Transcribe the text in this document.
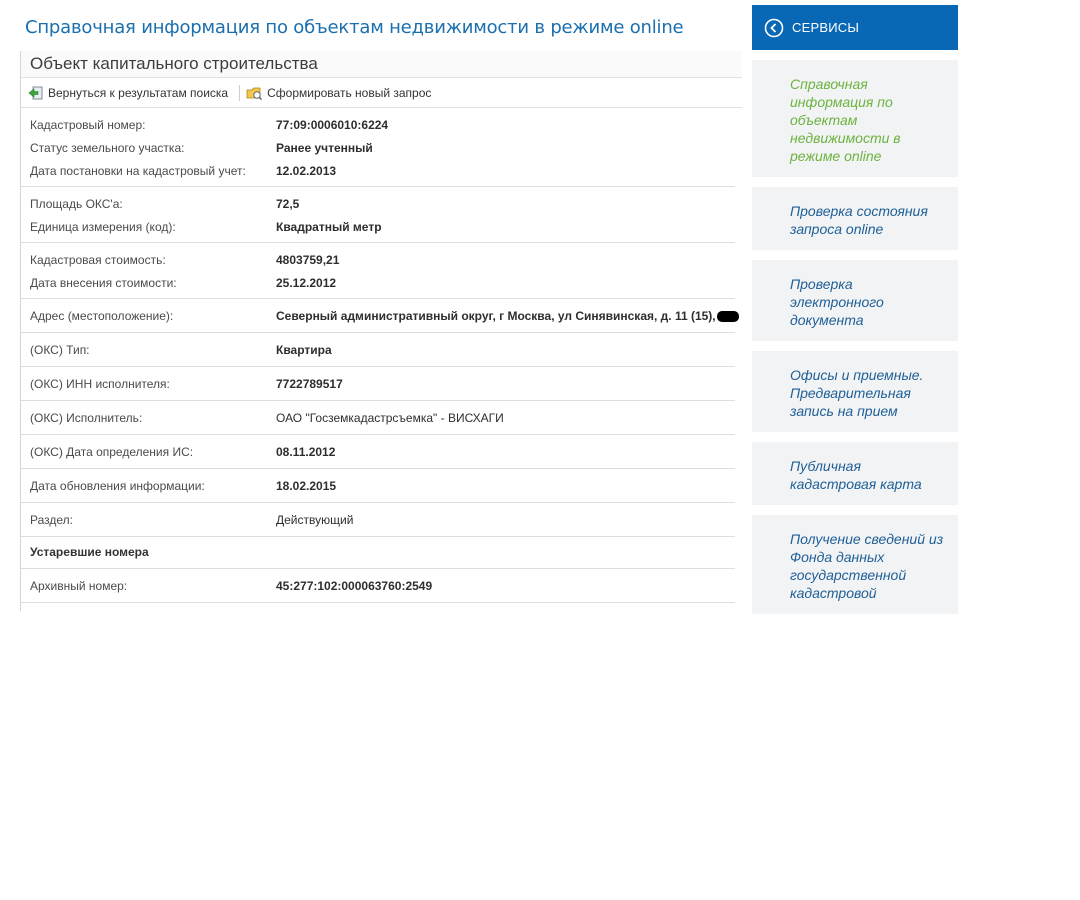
Справочная информация по объектам недвижимости в режиме online
Объект капитального строительства
Вернуться к результатам поиска	Сформировать новый запрос
Кадастровый номер:	77:09:0006010:6224
Статус земельного участка:	Ранее учтенный
Дата постановки на кадастровый учет:	12.02.2013
Площадь ОКС'а:	72,5
Единица измерения (код):	Квадратный метр
Кадастровая стоимость:	4803759,21
Дата внесения стоимости:	25.12.2012
Адрес (местоположение):	Северный административный округ, г Москва, ул Синявинская, д. 11 (15),
(ОКС) Тип:	Квартира
(ОКС) ИНН исполнителя:	7722789517
(ОКС) Исполнитель:	ОАО "Госземкадастрсъемка" - ВИСХАГИ
(ОКС) Дата определения ИС:	08.11.2012
Дата обновления информации:	18.02.2015
Раздел:	Действующий
Устаревшие номера
Архивный номер:	45:277:102:000063760:2549
СЕРВИСЫ
Справочная информация по объектам недвижимости в режиме online
Проверка состояния запроса online
Проверка электронного документа
Офисы и приемные. Предварительная запись на прием
Публичная кадастровая карта
Получение сведений из Фонда данных государственной кадастровой
